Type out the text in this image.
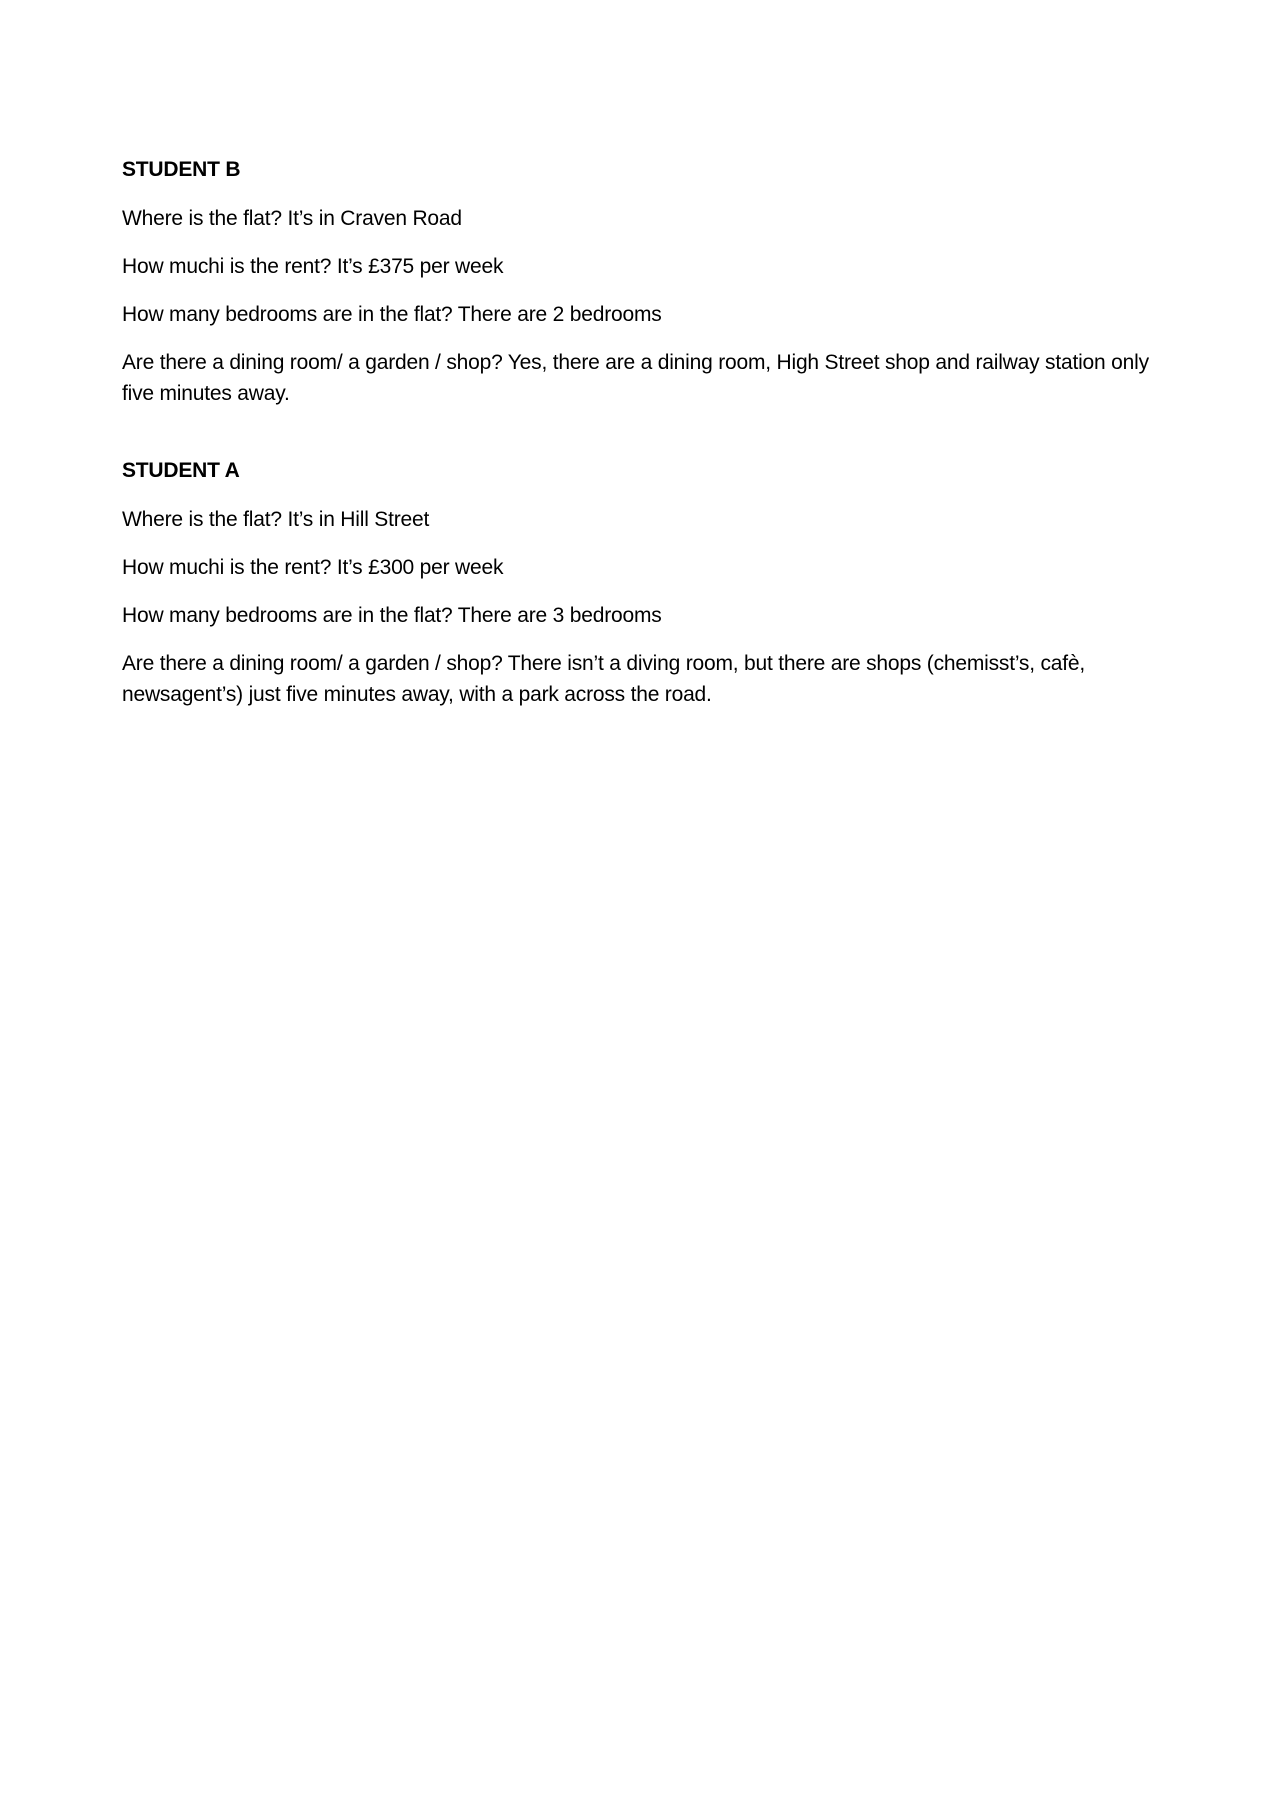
STUDENT B

Where is the flat? It’s in Craven Road

How muchi is the rent? It’s £375 per week

How many bedrooms are in the flat? There are 2 bedrooms

Are there a dining room/ a garden / shop? Yes, there are a dining room, High Street shop and railway station only five minutes away.

STUDENT A

Where is the flat? It’s in Hill Street

How muchi is the rent? It’s £300 per week

How many bedrooms are in the flat? There are 3 bedrooms

Are there a dining room/ a garden / shop? There isn’t a diving room, but there are shops (chemisst’s, cafè, newsagent’s) just five minutes away, with a park across the road.
